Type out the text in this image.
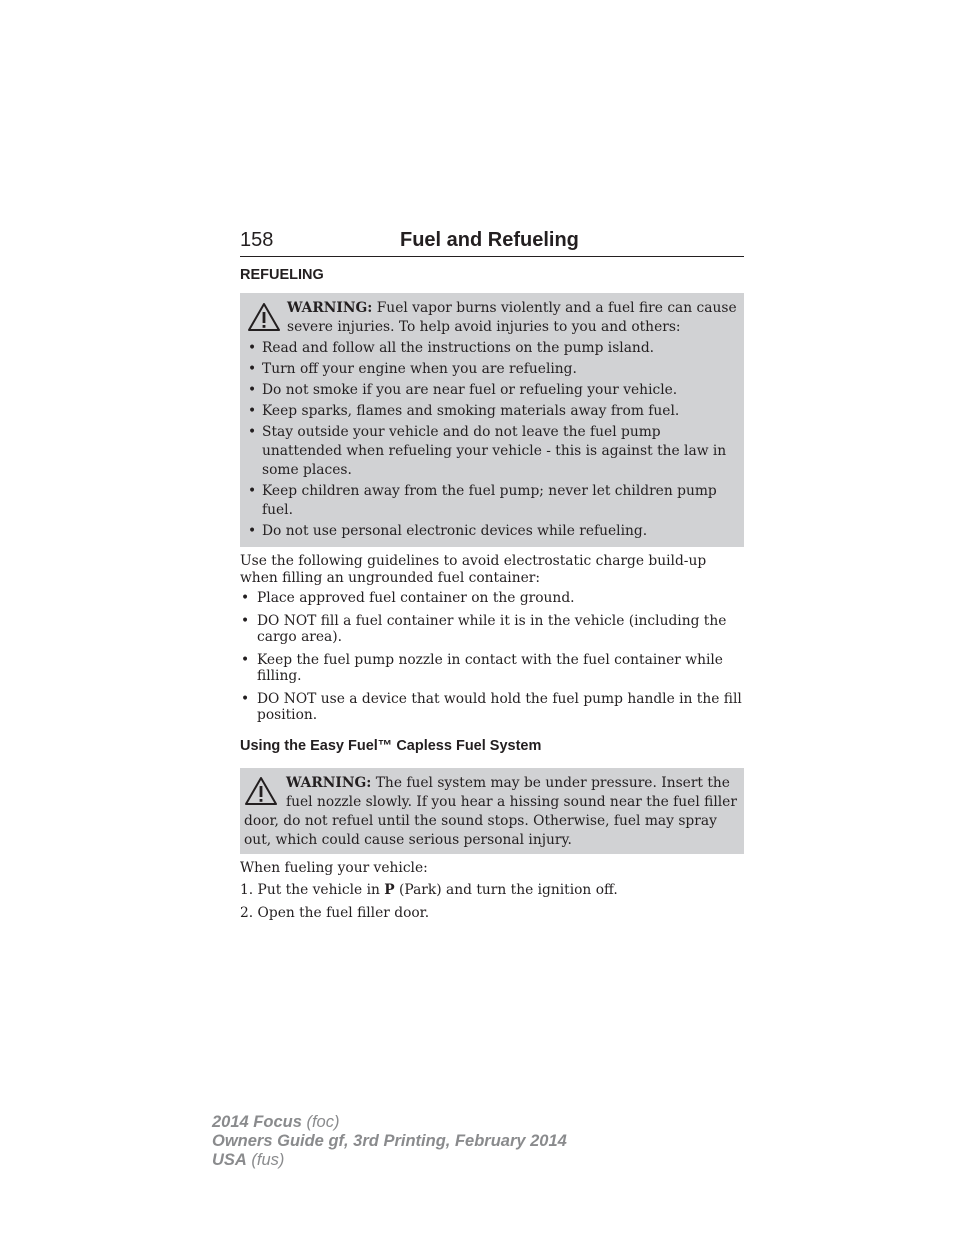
158	Fuel and Refueling
REFUELING
WARNING: Fuel vapor burns violently and a fuel fire can cause severe injuries. To help avoid injuries to you and others:
• Read and follow all the instructions on the pump island.
• Turn off your engine when you are refueling.
• Do not smoke if you are near fuel or refueling your vehicle.
• Keep sparks, flames and smoking materials away from fuel.
• Stay outside your vehicle and do not leave the fuel pump unattended when refueling your vehicle - this is against the law in some places.
• Keep children away from the fuel pump; never let children pump fuel.
• Do not use personal electronic devices while refueling.

Use the following guidelines to avoid electrostatic charge build-up when filling an ungrounded fuel container:

• Place approved fuel container on the ground.
• DO NOT fill a fuel container while it is in the vehicle (including the cargo area).
• Keep the fuel pump nozzle in contact with the fuel container while filling.
• DO NOT use a device that would hold the fuel pump handle in the fill position.
Using the Easy Fuel™ Capless Fuel System
WARNING: The fuel system may be under pressure. Insert the fuel nozzle slowly. If you hear a hissing sound near the fuel filler door, do not refuel until the sound stops. Otherwise, fuel may spray out, which could cause serious personal injury.
When fueling your vehicle:
1. Put the vehicle in P (Park) and turn the ignition off.
2. Open the fuel filler door.
2014 Focus (foc)
Owners Guide gf, 3rd Printing, February 2014
USA (fus)
